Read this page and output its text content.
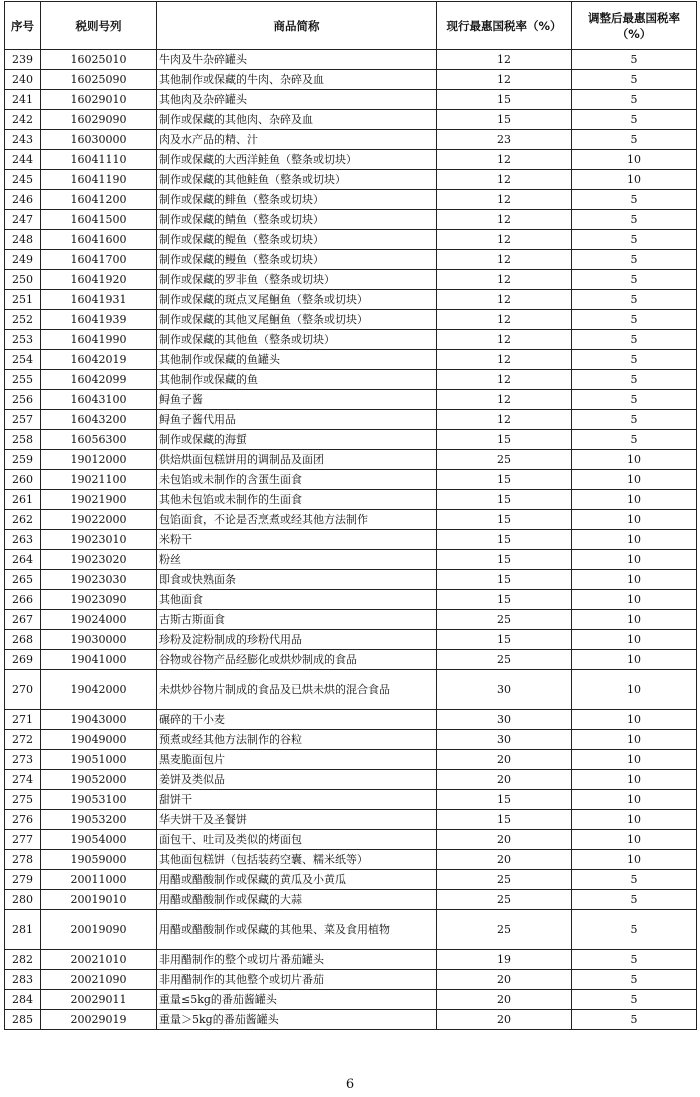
序号	税则号列	商品简称	现行最惠国税率（%）	调整后最惠国税率（%）
239	16025010	牛肉及牛杂碎罐头	12	5
240	16025090	其他制作或保藏的牛肉、杂碎及血	12	5
241	16029010	其他肉及杂碎罐头	15	5
242	16029090	制作或保藏的其他肉、杂碎及血	15	5
243	16030000	肉及水产品的精、汁	23	5
244	16041110	制作或保藏的大西洋鲑鱼（整条或切块）	12	10
245	16041190	制作或保藏的其他鲑鱼（整条或切块）	12	10
246	16041200	制作或保藏的鲱鱼（整条或切块）	12	5
247	16041500	制作或保藏的鲭鱼（整条或切块）	12	5
248	16041600	制作或保藏的鳀鱼（整条或切块）	12	5
249	16041700	制作或保藏的鳗鱼（整条或切块）	12	5
250	16041920	制作或保藏的罗非鱼（整条或切块）	12	5
251	16041931	制作或保藏的斑点叉尾鮰鱼（整条或切块）	12	5
252	16041939	制作或保藏的其他叉尾鮰鱼（整条或切块）	12	5
253	16041990	制作或保藏的其他鱼（整条或切块）	12	5
254	16042019	其他制作或保藏的鱼罐头	12	5
255	16042099	其他制作或保藏的鱼	12	5
256	16043100	鲟鱼子酱	12	5
257	16043200	鲟鱼子酱代用品	12	5
258	16056300	制作或保藏的海蜇	15	5
259	19012000	供焙烘面包糕饼用的调制品及面团	25	10
260	19021100	未包馅或未制作的含蛋生面食	15	10
261	19021900	其他未包馅或未制作的生面食	15	10
262	19022000	包馅面食，不论是否烹煮或经其他方法制作	15	10
263	19023010	米粉干	15	10
264	19023020	粉丝	15	10
265	19023030	即食或快熟面条	15	10
266	19023090	其他面食	15	10
267	19024000	古斯古斯面食	25	10
268	19030000	珍粉及淀粉制成的珍粉代用品	15	10
269	19041000	谷物或谷物产品经膨化或烘炒制成的食品	25	10
270	19042000	未烘炒谷物片制成的食品及已烘未烘的混合食品	30	10
271	19043000	碾碎的干小麦	30	10
272	19049000	预煮或经其他方法制作的谷粒	30	10
273	19051000	黑麦脆面包片	20	10
274	19052000	姜饼及类似品	20	10
275	19053100	甜饼干	15	10
276	19053200	华夫饼干及圣餐饼	15	10
277	19054000	面包干、吐司及类似的烤面包	20	10
278	19059000	其他面包糕饼（包括装药空囊、糯米纸等）	20	10
279	20011000	用醋或醋酸制作或保藏的黄瓜及小黄瓜	25	5
280	20019010	用醋或醋酸制作或保藏的大蒜	25	5
281	20019090	用醋或醋酸制作或保藏的其他果、菜及食用植物	25	5
282	20021010	非用醋制作的整个或切片番茄罐头	19	5
283	20021090	非用醋制作的其他整个或切片番茄	20	5
284	20029011	重量≤5kg的番茄酱罐头	20	5
285	20029019	重量＞5kg的番茄酱罐头	20	5
6
